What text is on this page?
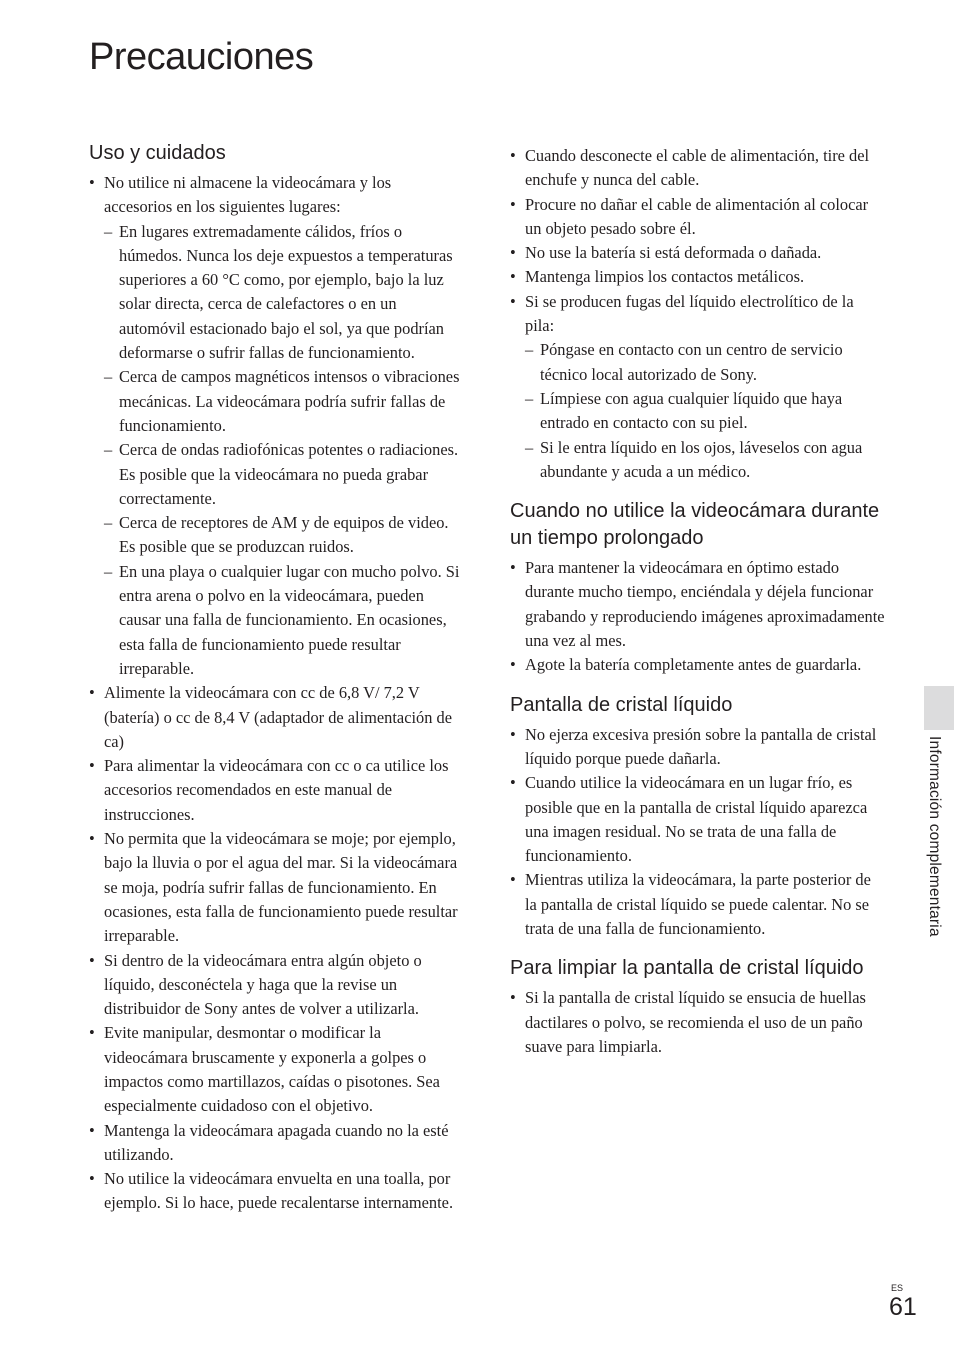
Precauciones
Uso y cuidados
• No utilice ni almacene la videocámara y los accesorios en los siguientes lugares:
– En lugares extremadamente cálidos, fríos o húmedos. Nunca los deje expuestos a temperaturas superiores a 60 °C como, por ejemplo, bajo la luz solar directa, cerca de calefactores o en un automóvil estacionado bajo el sol, ya que podrían deformarse o sufrir fallas de funcionamiento.
– Cerca de campos magnéticos intensos o vibraciones mecánicas. La videocámara podría sufrir fallas de funcionamiento.
– Cerca de ondas radiofónicas potentes o radiaciones. Es posible que la videocámara no pueda grabar correctamente.
– Cerca de receptores de AM y de equipos de video. Es posible que se produzcan ruidos.
– En una playa o cualquier lugar con mucho polvo. Si entra arena o polvo en la videocámara, pueden causar una falla de funcionamiento. En ocasiones, esta falla de funcionamiento puede resultar irreparable.
• Alimente la videocámara con cc de 6,8 V/ 7,2 V (batería) o cc de 8,4 V (adaptador de alimentación de ca)
• Para alimentar la videocámara con cc o ca utilice los accesorios recomendados en este manual de instrucciones.
• No permita que la videocámara se moje; por ejemplo, bajo la lluvia o por el agua del mar. Si la videocámara se moja, podría sufrir fallas de funcionamiento. En ocasiones, esta falla de funcionamiento puede resultar irreparable.
• Si dentro de la videocámara entra algún objeto o líquido, desconéctela y haga que la revise un distribuidor de Sony antes de volver a utilizarla.
• Evite manipular, desmontar o modificar la videocámara bruscamente y exponerla a golpes o impactos como martillazos, caídas o pisotones. Sea especialmente cuidadoso con el objetivo.
• Mantenga la videocámara apagada cuando no la esté utilizando.
• No utilice la videocámara envuelta en una toalla, por ejemplo. Si lo hace, puede recalentarse internamente.
• Cuando desconecte el cable de alimentación, tire del enchufe y nunca del cable.
• Procure no dañar el cable de alimentación al colocar un objeto pesado sobre él.
• No use la batería si está deformada o dañada.
• Mantenga limpios los contactos metálicos.
• Si se producen fugas del líquido electrolítico de la pila:
– Póngase en contacto con un centro de servicio técnico local autorizado de Sony.
– Límpiese con agua cualquier líquido que haya entrado en contacto con su piel.
– Si le entra líquido en los ojos, láveselos con agua abundante y acuda a un médico.
Cuando no utilice la videocámara durante un tiempo prolongado
• Para mantener la videocámara en óptimo estado durante mucho tiempo, enciéndala y déjela funcionar grabando y reproduciendo imágenes aproximadamente una vez al mes.
• Agote la batería completamente antes de guardarla.
Pantalla de cristal líquido
• No ejerza excesiva presión sobre la pantalla de cristal líquido porque puede dañarla.
• Cuando utilice la videocámara en un lugar frío, es posible que en la pantalla de cristal líquido aparezca una imagen residual. No se trata de una falla de funcionamiento.
• Mientras utiliza la videocámara, la parte posterior de la pantalla de cristal líquido se puede calentar. No se trata de una falla de funcionamiento.
Para limpiar la pantalla de cristal líquido
• Si la pantalla de cristal líquido se ensucia de huellas dactilares o polvo, se recomienda el uso de un paño suave para limpiarla.
Información complementaria
ES
61
